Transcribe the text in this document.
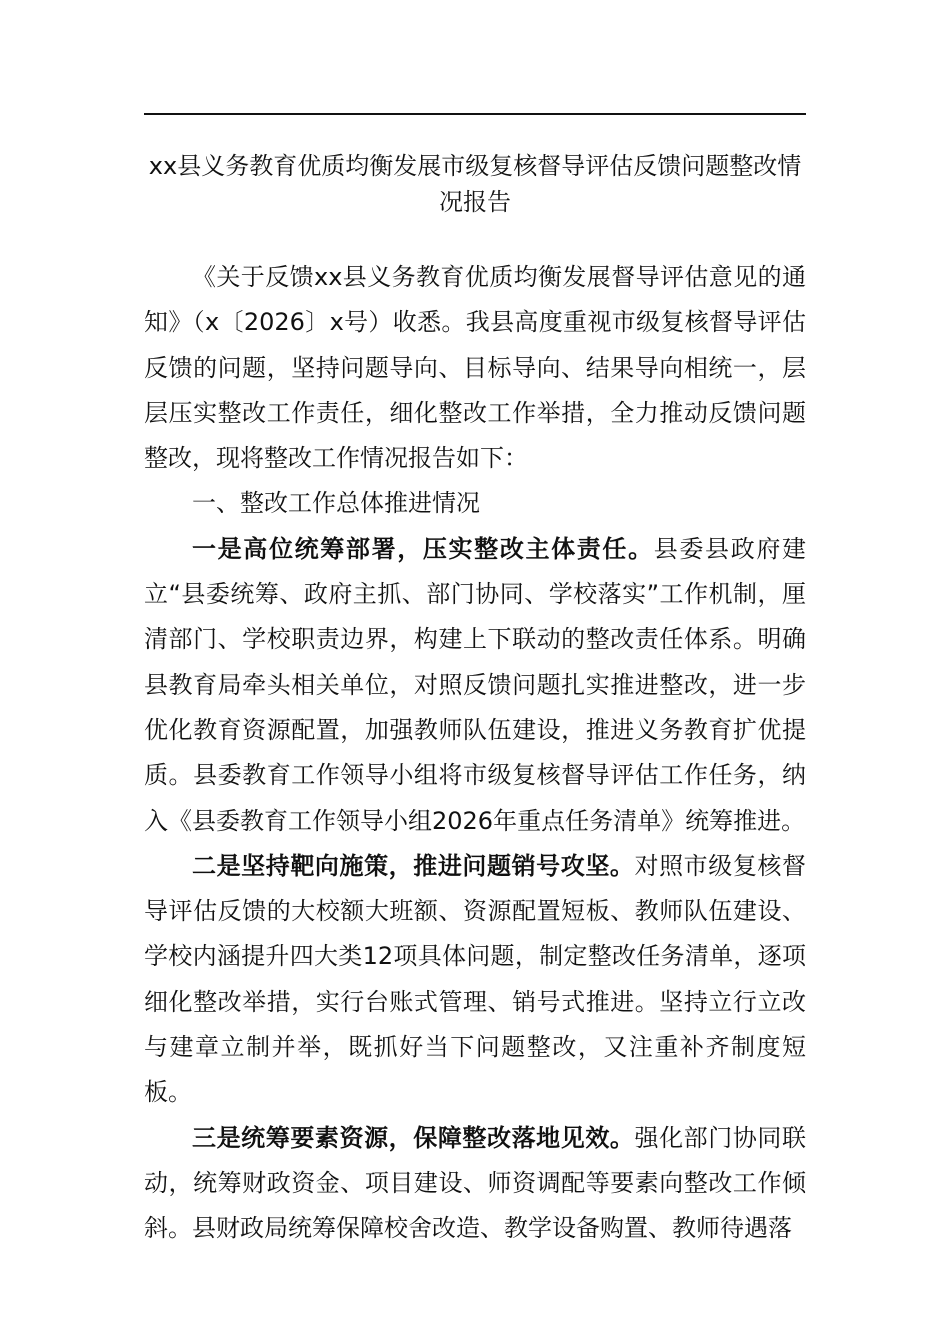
xx县义务教育优质均衡发展市级复核督导评估反馈问题整改情
况报告

《关于反馈xx县义务教育优质均衡发展督导评估意见的通知》（x〔2026〕x号）收悉。我县高度重视市级复核督导评估反馈的问题，坚持问题导向、目标导向、结果导向相统一，层层压实整改工作责任，细化整改工作举措，全力推动反馈问题整改，现将整改工作情况报告如下：

一、整改工作总体推进情况

一是高位统筹部署，压实整改主体责任。县委县政府建立“县委统筹、政府主抓、部门协同、学校落实”工作机制，厘清部门、学校职责边界，构建上下联动的整改责任体系。明确县教育局牵头相关单位，对照反馈问题扎实推进整改，进一步优化教育资源配置，加强教师队伍建设，推进义务教育扩优提质。县委教育工作领导小组将市级复核督导评估工作任务，纳入《县委教育工作领导小组2026年重点任务清单》统筹推进。

二是坚持靶向施策，推进问题销号攻坚。对照市级复核督导评估反馈的大校额大班额、资源配置短板、教师队伍建设、学校内涵提升四大类12项具体问题，制定整改任务清单，逐项细化整改举措，实行台账式管理、销号式推进。坚持立行立改与建章立制并举，既抓好当下问题整改，又注重补齐制度短板。

三是统筹要素资源，保障整改落地见效。强化部门协同联动，统筹财政资金、项目建设、师资调配等要素向整改工作倾斜。县财政局统筹保障校舍改造、教学设备购置、教师待遇落
